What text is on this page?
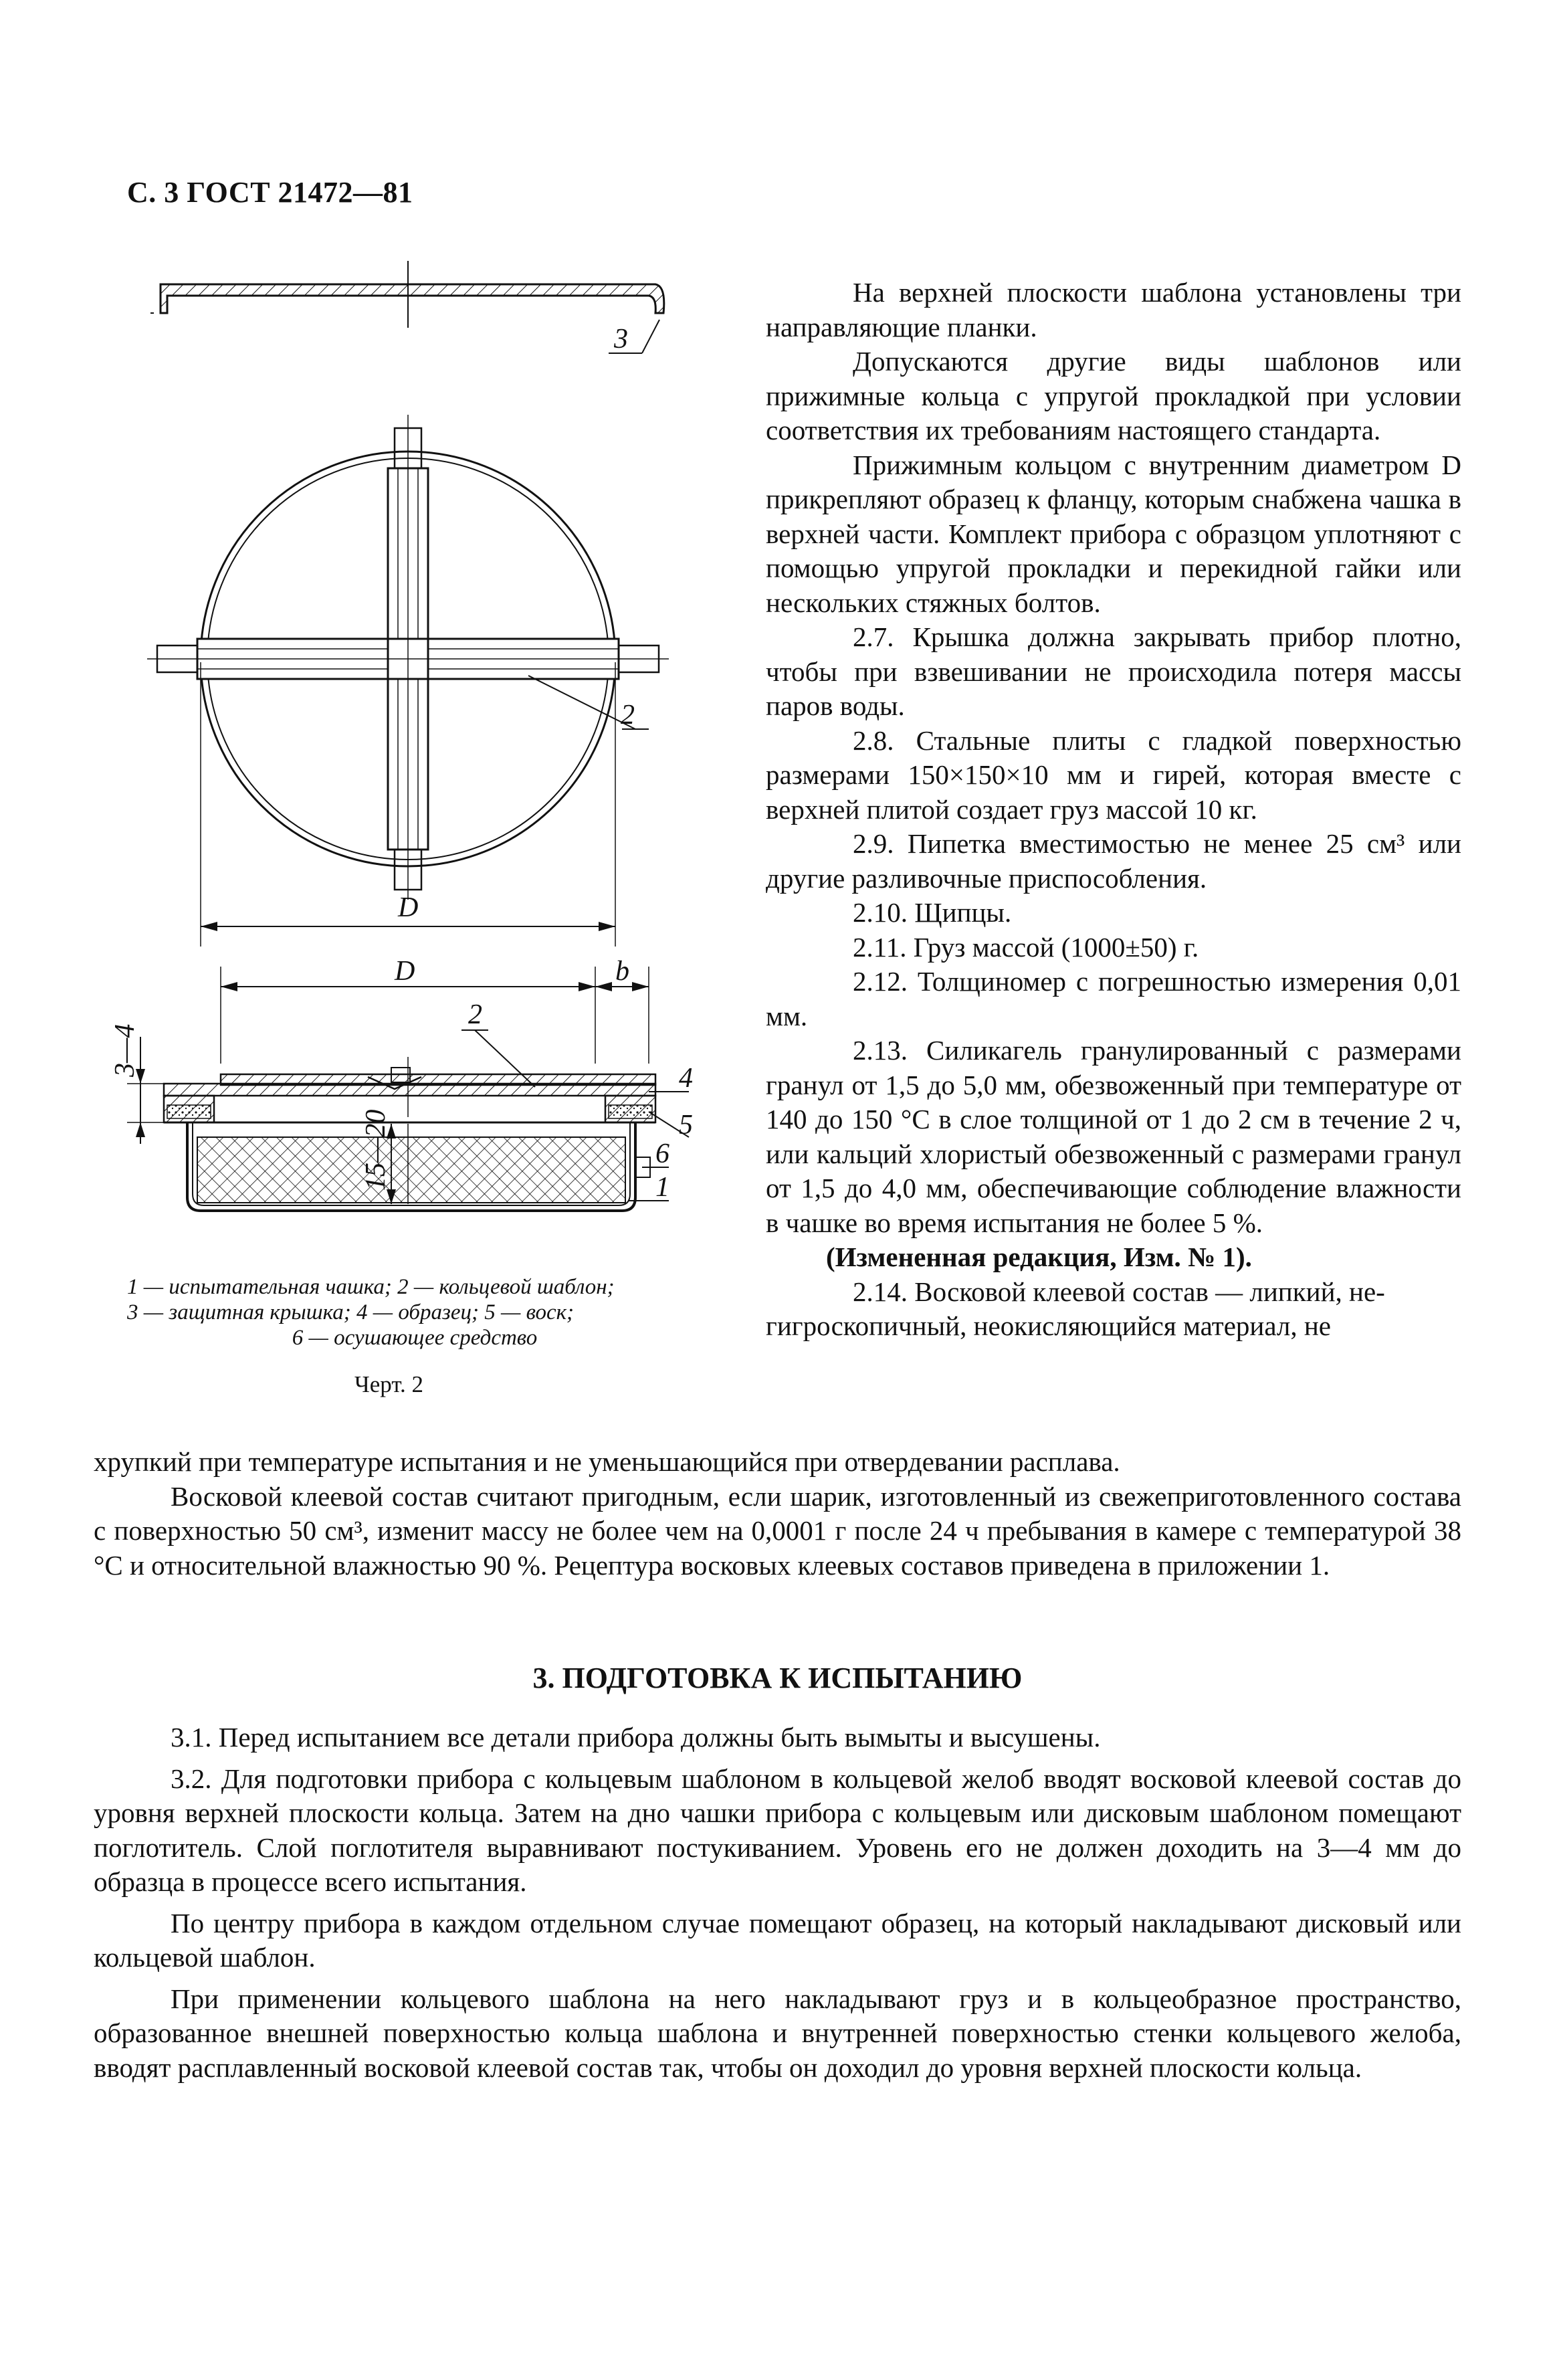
С. 3 ГОСТ 21472—81
3
2
D
D	b
15—20
3—4
2
4
5
6
1
1 — испытательная чашка; 2 — кольцевой шаблон;
3 — защитная крышка; 4 — образец; 5 — воск;
6 — осушающее средство
Черт. 2

На верхней плоскости шаблона установлены три направляющие планки.

Допускаются другие виды шаблонов или прижимные кольца с упругой прокладкой при условии соответствия их требованиям настоящего стандарта.

Прижимным кольцом с внутренним диаметром D прикрепляют образец к фланцу, которым снабжена чашка в верхней части. Комплект прибора с образцом уплотняют с помощью упругой прокладки и перекидной гайки или нескольких стяжных болтов.

2.7. Крышка должна закрывать прибор плотно, чтобы при взвешивании не происходила потеря массы паров воды.

2.8. Стальные плиты с гладкой поверхностью размерами 150×150×10 мм и гирей, которая вместе с верхней плитой создает груз массой 10 кг.

2.9. Пипетка вместимостью не менее 25 см³ или другие разливочные приспособления.

2.10. Щипцы.

2.11. Груз массой (1000±50) г.

2.12. Толщиномер с погрешностью измерения 0,01 мм.

2.13. Силикагель гранулированный с размерами гранул от 1,5 до 5,0 мм, обезвоженный при температуре от 140 до 150 °С в слое толщиной от 1 до 2 см в течение 2 ч, или кальций хлористый обезвоженный с размерами гранул от 1,5 до 4,0 мм, обеспечивающие соблюдение влажности в чашке во время испытания не более 5 %.

(Измененная редакция, Изм. № 1).

2.14. Восковой клеевой состав — липкий, не-

гигроскопичный, неокисляющийся материал, не

хрупкий при температуре испытания и не уменьшающийся при отвердевании расплава.

Восковой клеевой состав считают пригодным, если шарик, изготовленный из свежеприготовленного состава с поверхностью 50 см³, изменит массу не более чем на 0,0001 г после 24 ч пребывания в камере с температурой 38 °С и относительной влажностью 90 %. Рецептура восковых клеевых составов приведена в приложении 1.

3. ПОДГОТОВКА К ИСПЫТАНИЮ

3.1. Перед испытанием все детали прибора должны быть вымыты и высушены.

3.2. Для подготовки прибора с кольцевым шаблоном в кольцевой желоб вводят восковой клеевой состав до уровня верхней плоскости кольца. Затем на дно чашки прибора с кольцевым или дисковым шаблоном помещают поглотитель. Слой поглотителя выравнивают постукиванием. Уровень его не должен доходить на 3—4 мм до образца в процессе всего испытания.

По центру прибора в каждом отдельном случае помещают образец, на который накладывают дисковый или кольцевой шаблон.

При применении кольцевого шаблона на него накладывают груз и в кольцеобразное пространство, образованное внешней поверхностью кольца шаблона и внутренней поверхностью стенки кольцевого желоба, вводят расплавленный восковой клеевой состав так, чтобы он доходил до уровня верхней плоскости кольца.
